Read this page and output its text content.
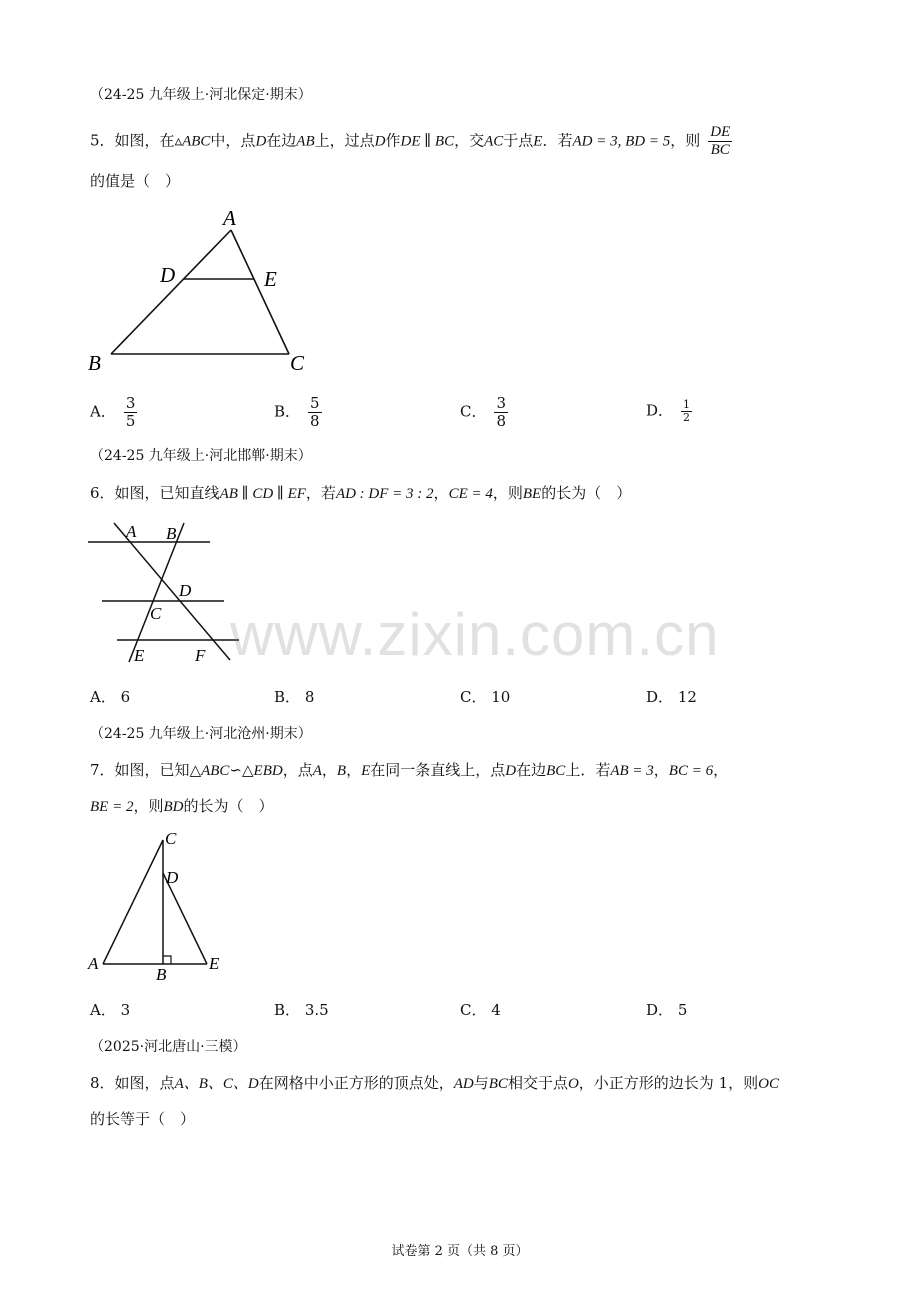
（24-25 九年级上·河北保定·期末）
5．如图，在▵ABC中，点D在边AB上，过点D作DE ∥ BC，交AC于点E．若AD = 3, BD = 5，则 $\frac{DE}{BC}$
的值是（　）
A
D	E
B	C
A． $\frac{3}{5}$	B． $\frac{5}{8}$	C． $\frac{3}{8}$	D． $\frac{1}{2}$
（24-25 九年级上·河北邯郸·期末）
6．如图，已知直线AB ∥ CD ∥ EF，若AD : DF = 3 : 2，CE = 4，则BE的长为（　）
A B
D
C
E	F
A． 6	B． 8	C． 10	D． 12
（24-25 九年级上·河北沧州·期末）
7．如图，已知△ABC∽△EBD，点A，B，E在同一条直线上，点D在边BC上．若AB = 3，BC = 6，
BE = 2，则BD的长为（　）
C
D
A
B
E
A． 3	B． 3.5	C． 4	D． 5
（2025·河北唐山·三模）
8．如图，点A、B、C、D在网格中小正方形的顶点处，AD与BC相交于点O，小正方形的边长为 1，则OC
的长等于（　）
www.zixin.com.cn
试卷第 2 页（共 8 页）
